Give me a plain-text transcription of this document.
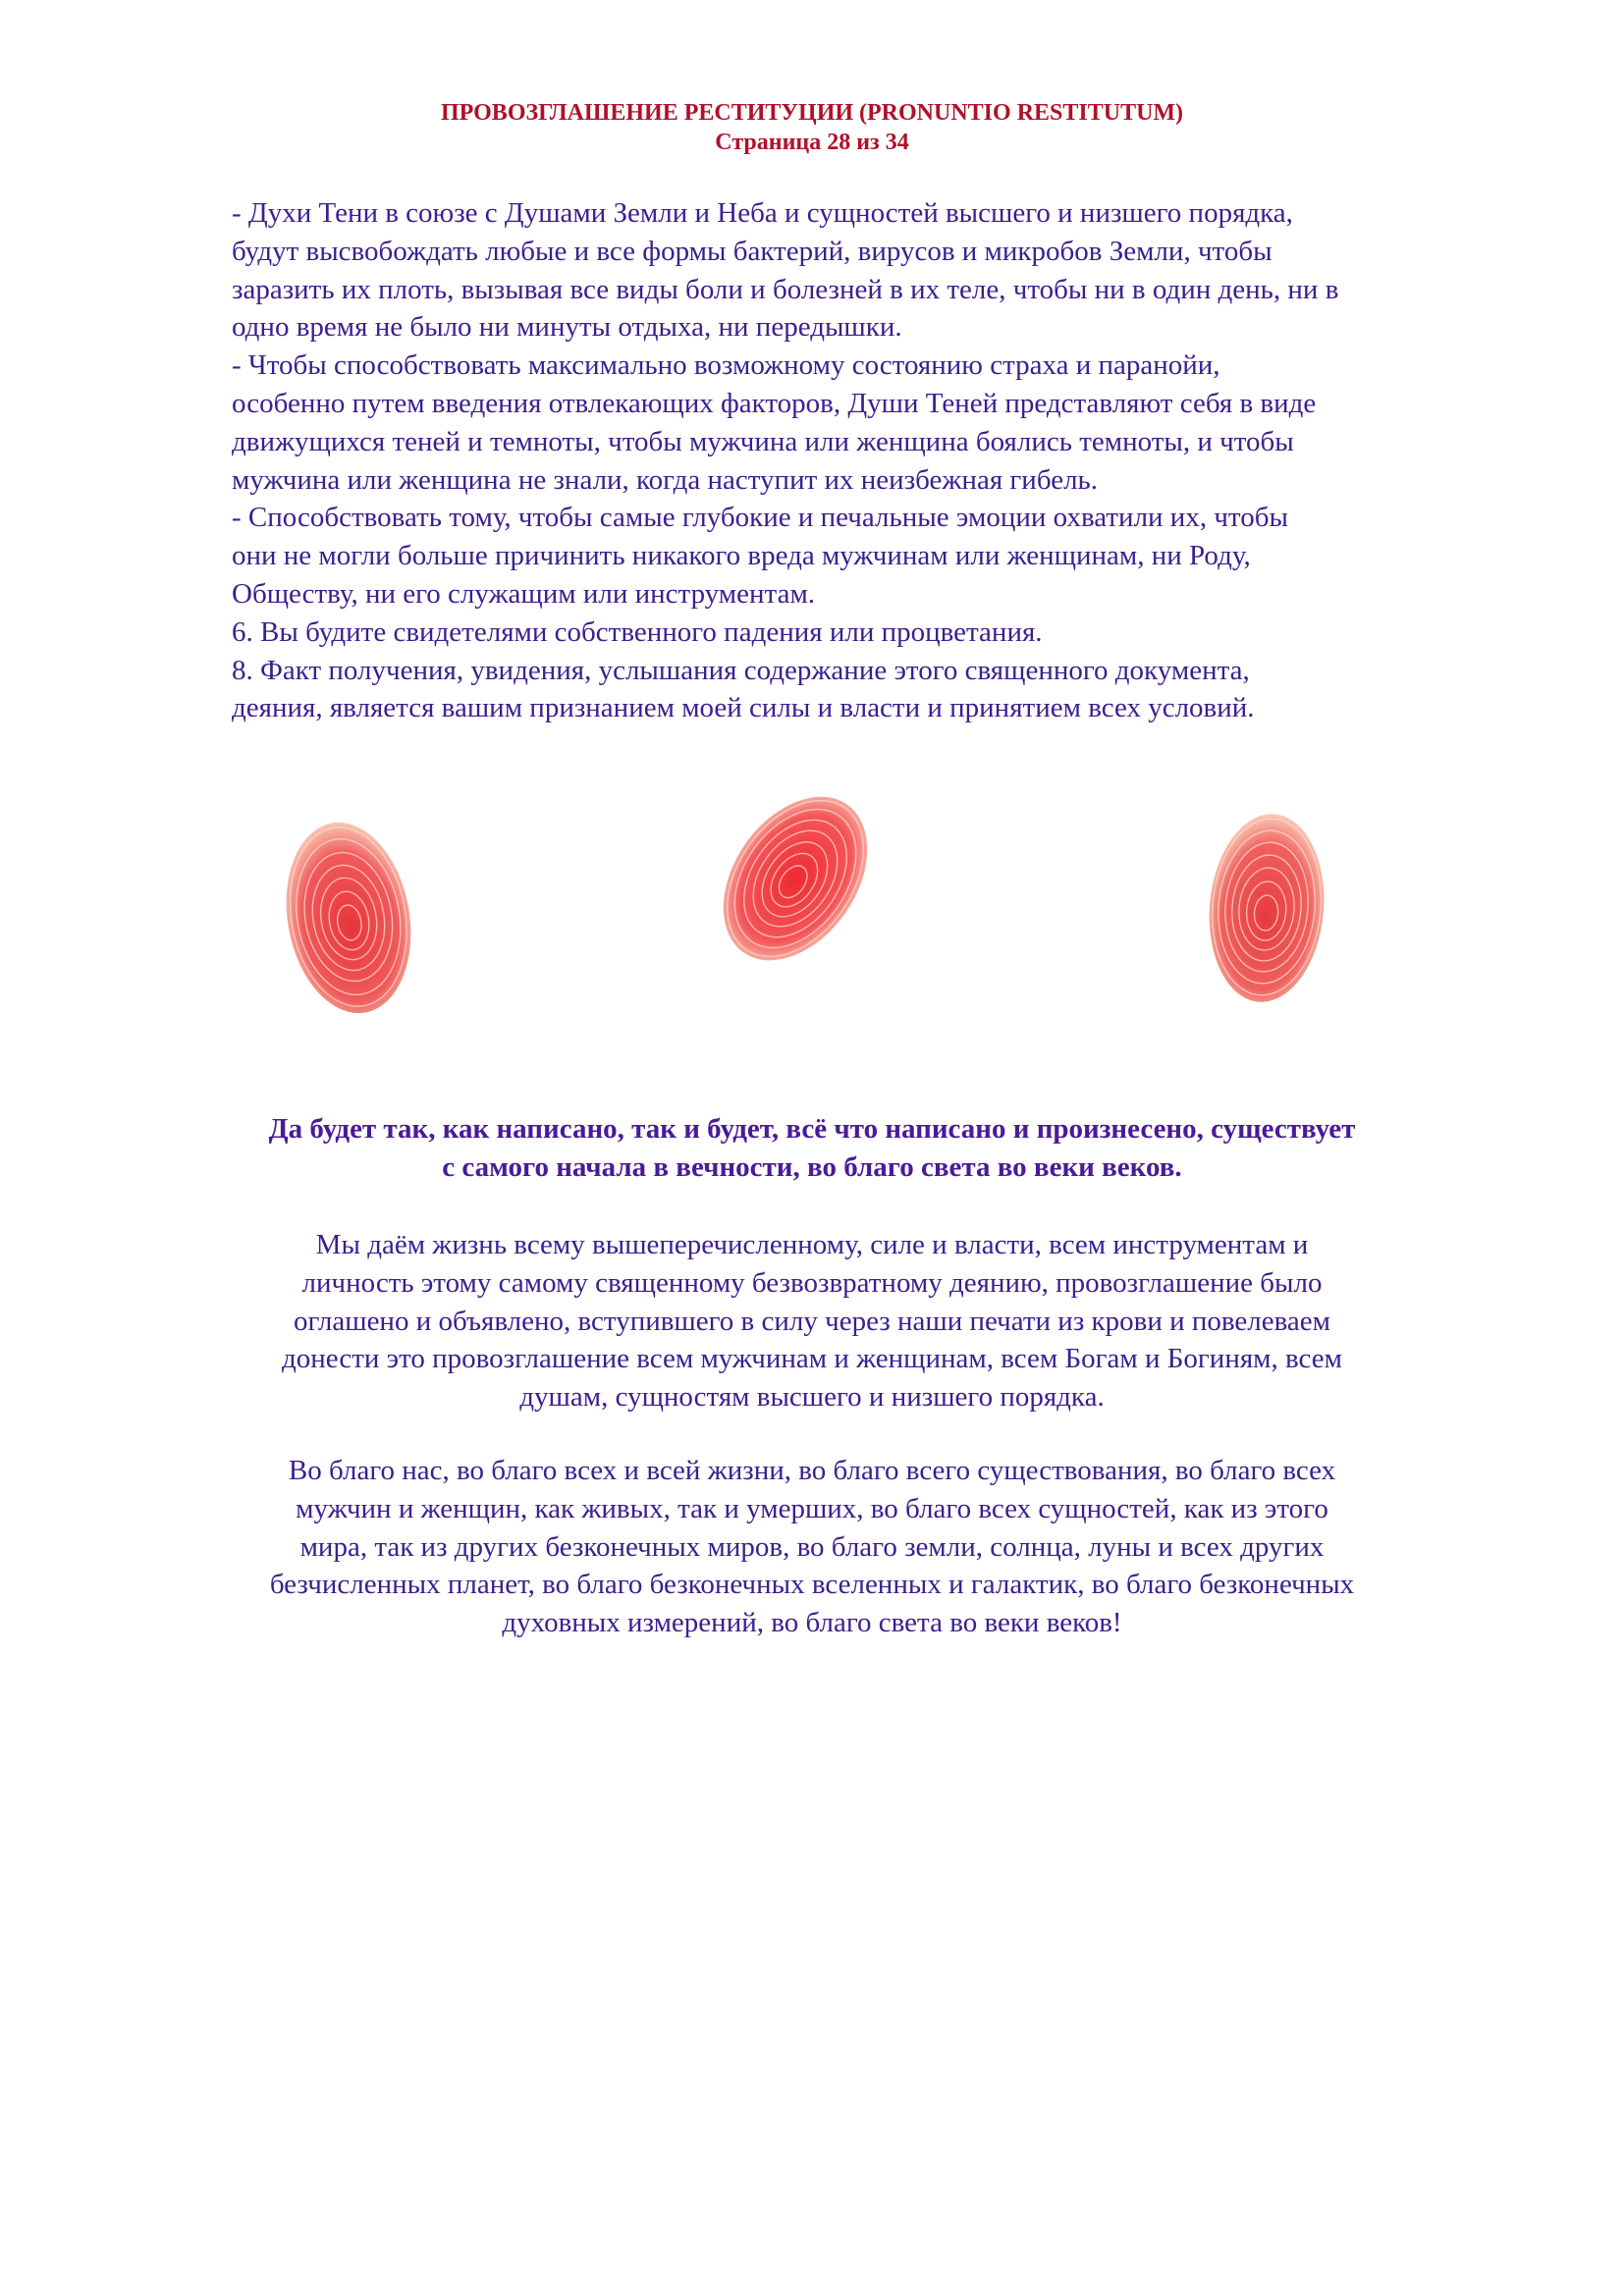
ПРОВОЗГЛАШЕНИЕ РЕСТИТУЦИИ (PRONUNTIO RESTITUTUM)
Страница 28 из 34
- Духи Тени в союзе с Душами Земли и Неба и сущностей высшего и низшего порядка,
будут высвобождать любые и все формы бактерий, вирусов и микробов Земли, чтобы
заразить их плоть, вызывая все виды боли и болезней в их теле, чтобы ни в один день, ни в
одно время не было ни минуты отдыха, ни передышки.
- Чтобы способствовать максимально возможному состоянию страха и паранойи,
особенно путем введения отвлекающих факторов, Души Теней представляют себя в виде
движущихся теней и темноты, чтобы мужчина или женщина боялись темноты, и чтобы
мужчина или женщина не знали, когда наступит их неизбежная гибель.
- Способствовать тому, чтобы самые глубокие и печальные эмоции охватили их, чтобы
они не могли больше причинить никакого вреда мужчинам или женщинам, ни Роду,
Обществу, ни его служащим или инструментам.
6. Вы будите свидетелями собственного падения или процветания.
8. Факт получения, увидения, услышания содержание этого священного документа,
деяния, является вашим признанием моей силы и власти и принятием всех условий.
Да будет так, как написано, так и будет, всё что написано и произнесено, существует
с самого начала в вечности, во благо света во веки веков.
Мы даём жизнь всему вышеперечисленному, силе и власти, всем инструментам и
личность этому самому священному безвозвратному деянию, провозглашение было
оглашено и объявлено, вступившего в силу через наши печати из крови и повелеваем
донести это провозглашение всем мужчинам и женщинам, всем Богам и Богиням, всем
душам, сущностям высшего и низшего порядка.
Во благо нас, во благо всех и всей жизни, во благо всего существования, во благо всех
мужчин и женщин, как живых, так и умерших, во благо всех сущностей, как из этого
мира, так из других безконечных миров, во благо земли, солнца, луны и всех других
безчисленных планет, во благо безконечных вселенных и галактик, во благо безконечных
духовных измерений, во благо света во веки веков!
